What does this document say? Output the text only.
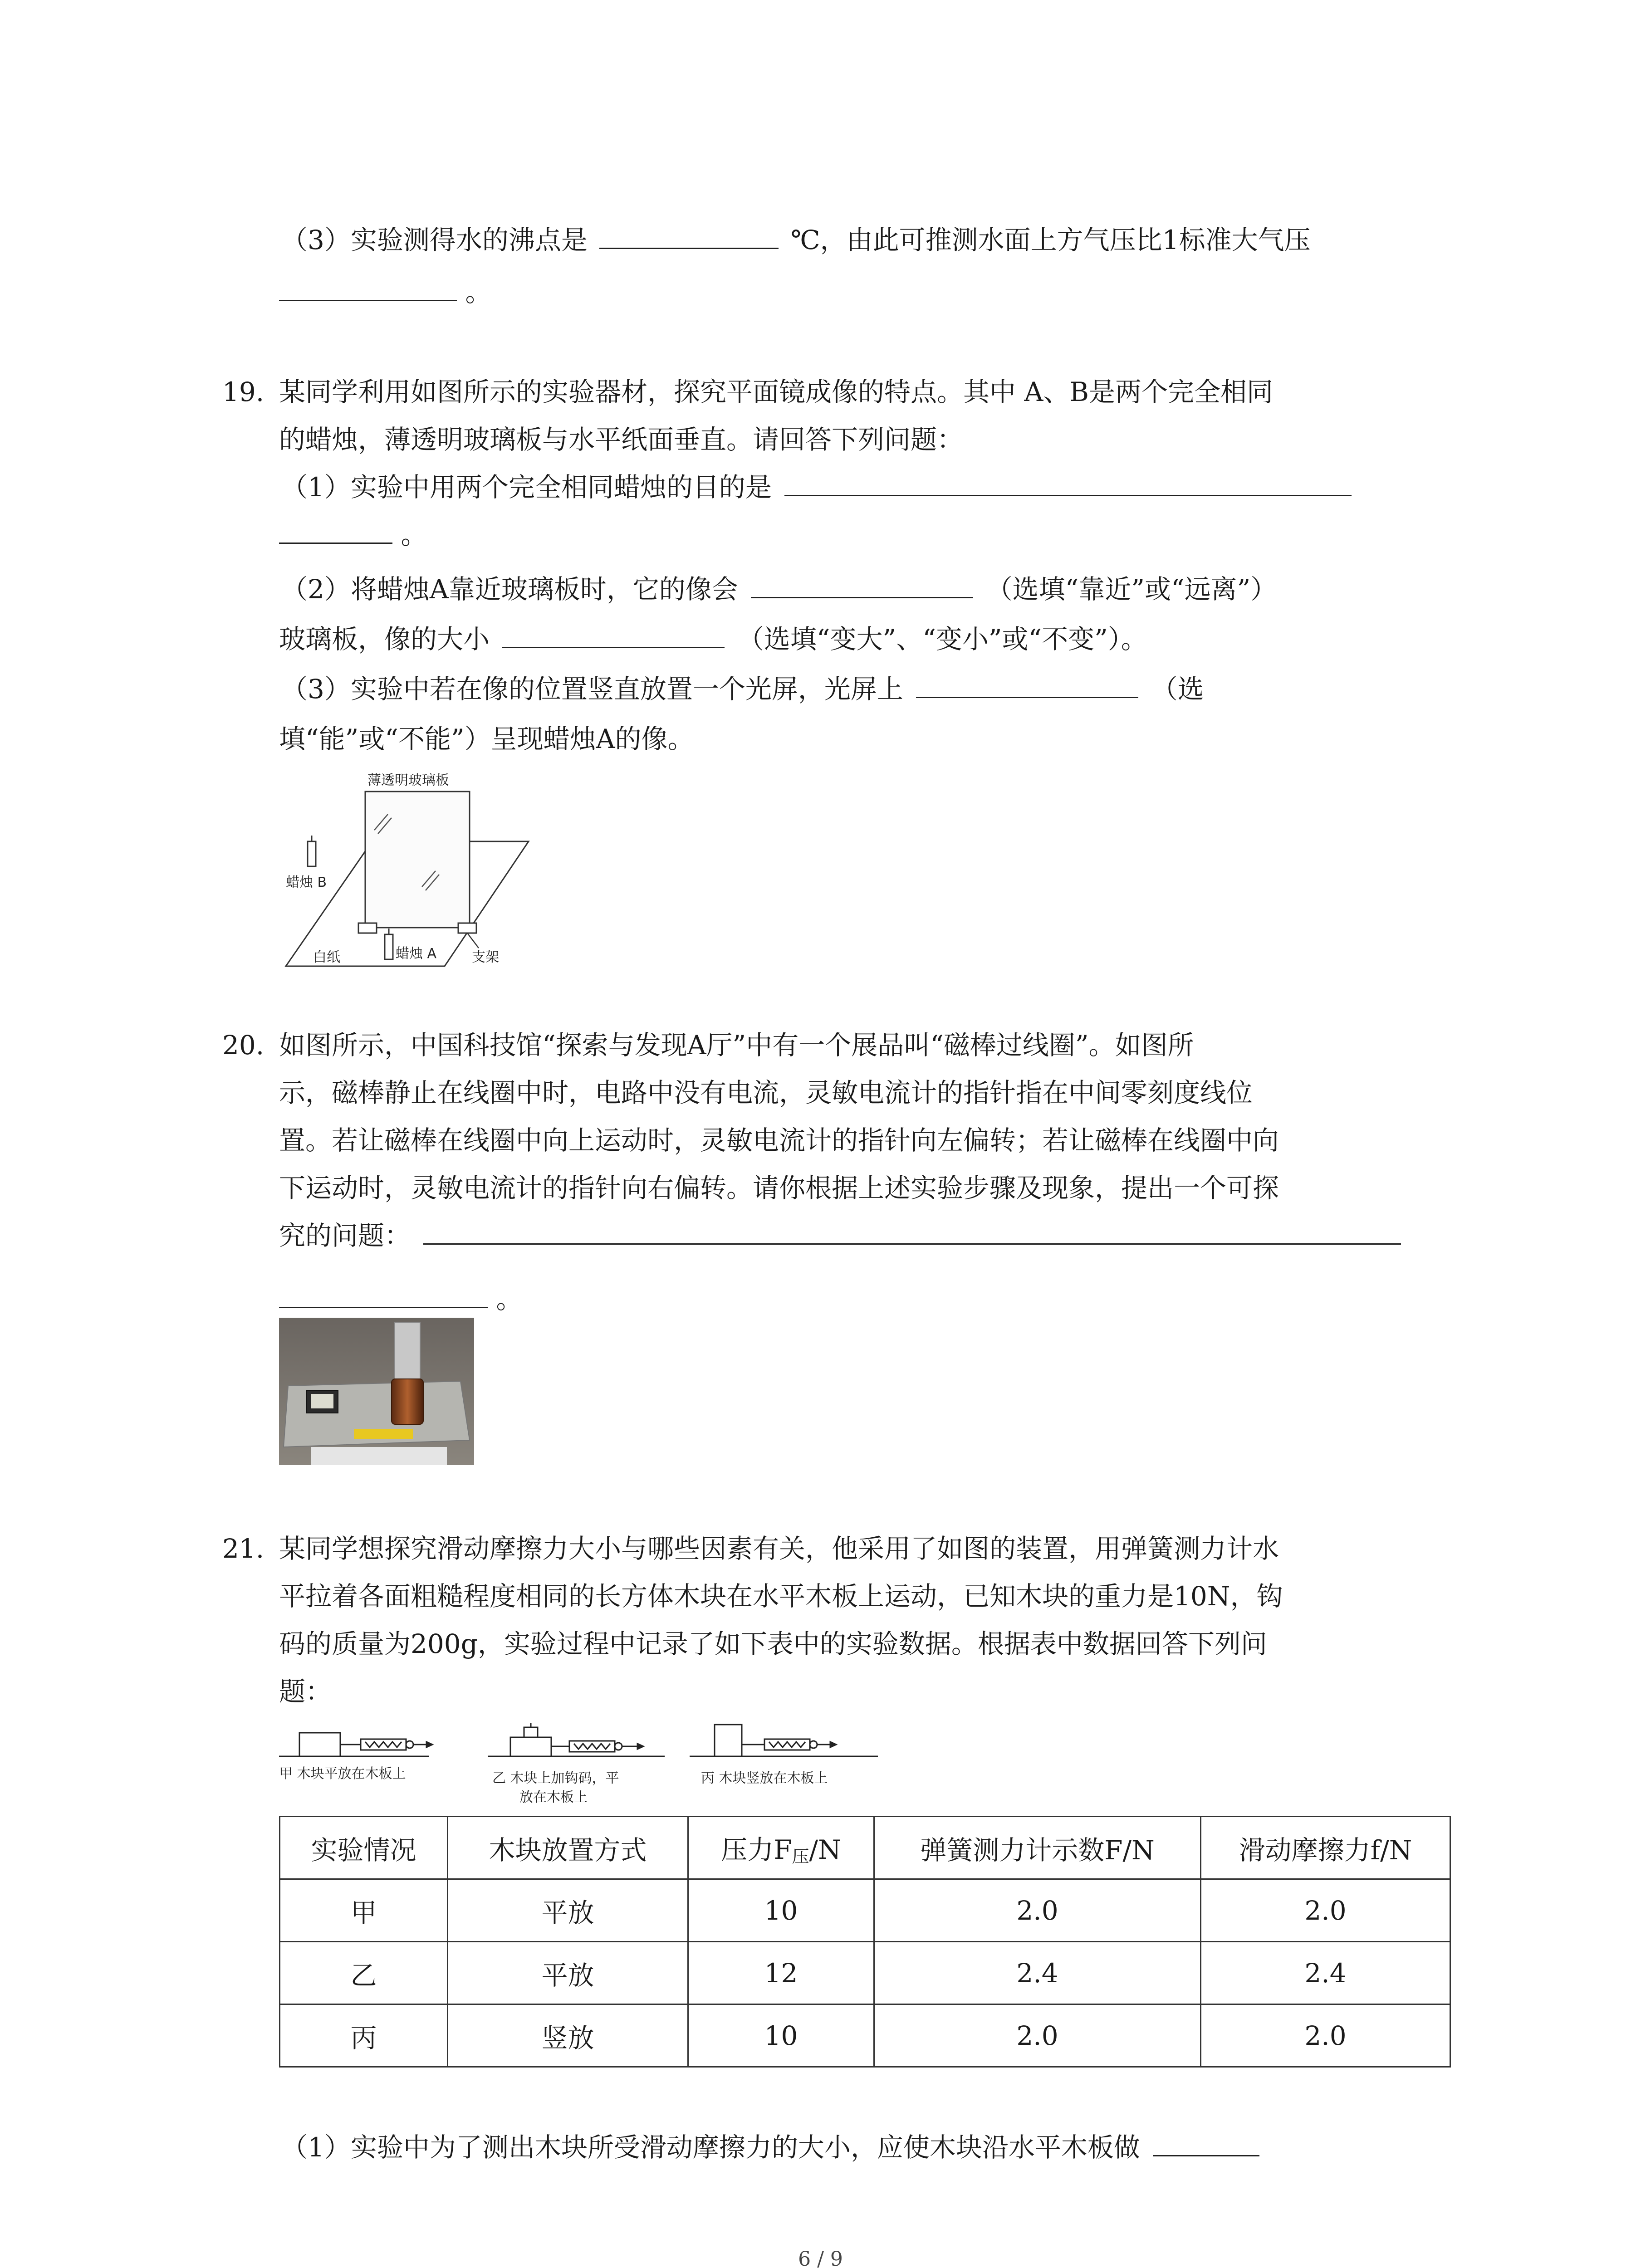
（3）实验测得水的沸点是	℃，由此可推测水面上方气压比1标准大气压
。
19. 某同学利用如图所示的实验器材，探究平面镜成像的特点。其中 A、B是两个完全相同
的蜡烛，薄透明玻璃板与水平纸面垂直。请回答下列问题：
（1）实验中用两个完全相同蜡烛的目的是
。
（2）将蜡烛A靠近玻璃板时，它的像会	（选填“靠近”或“远离”）
玻璃板，像的大小	（选填“变大”、“变小”或“不变”）。
（3）实验中若在像的位置竖直放置一个光屏，光屏上	（选
填“能”或“不能”）呈现蜡烛A的像。
薄透明玻璃板
蜡烛 B
白纸	蜡烛 A	支架
20. 如图所示，中国科技馆“探索与发现A厅”中有一个展品叫“磁棒过线圈”。如图所
示，磁棒静止在线圈中时，电路中没有电流，灵敏电流计的指针指在中间零刻度线位
置。若让磁棒在线圈中向上运动时，灵敏电流计的指针向左偏转；若让磁棒在线圈中向
下运动时，灵敏电流计的指针向右偏转。请你根据上述实验步骤及现象，提出一个可探
究的问题：
。
21. 某同学想探究滑动摩擦力大小与哪些因素有关，他采用了如图的装置，用弹簧测力计水
平拉着各面粗糙程度相同的长方体木块在水平木板上运动，已知木块的重力是10N，钩
码的质量为200g，实验过程中记录了如下表中的实验数据。根据表中数据回答下列问
题：
甲 木块平放在木板上	乙 木块上加钩码，平
放在木板上
丙 木块竖放在木板上
实验情况	木块放置方式	压力$F_压/N$	弹簧测力计示数F/N	滑动摩擦力f/N
甲	平放	10	2.0	2.0
乙	平放	12	2.4	2.4
丙	竖放	10	2.0	2.0
（1）实验中为了测出木块所受滑动摩擦力的大小，应使木块沿水平木板做
6 / 9
